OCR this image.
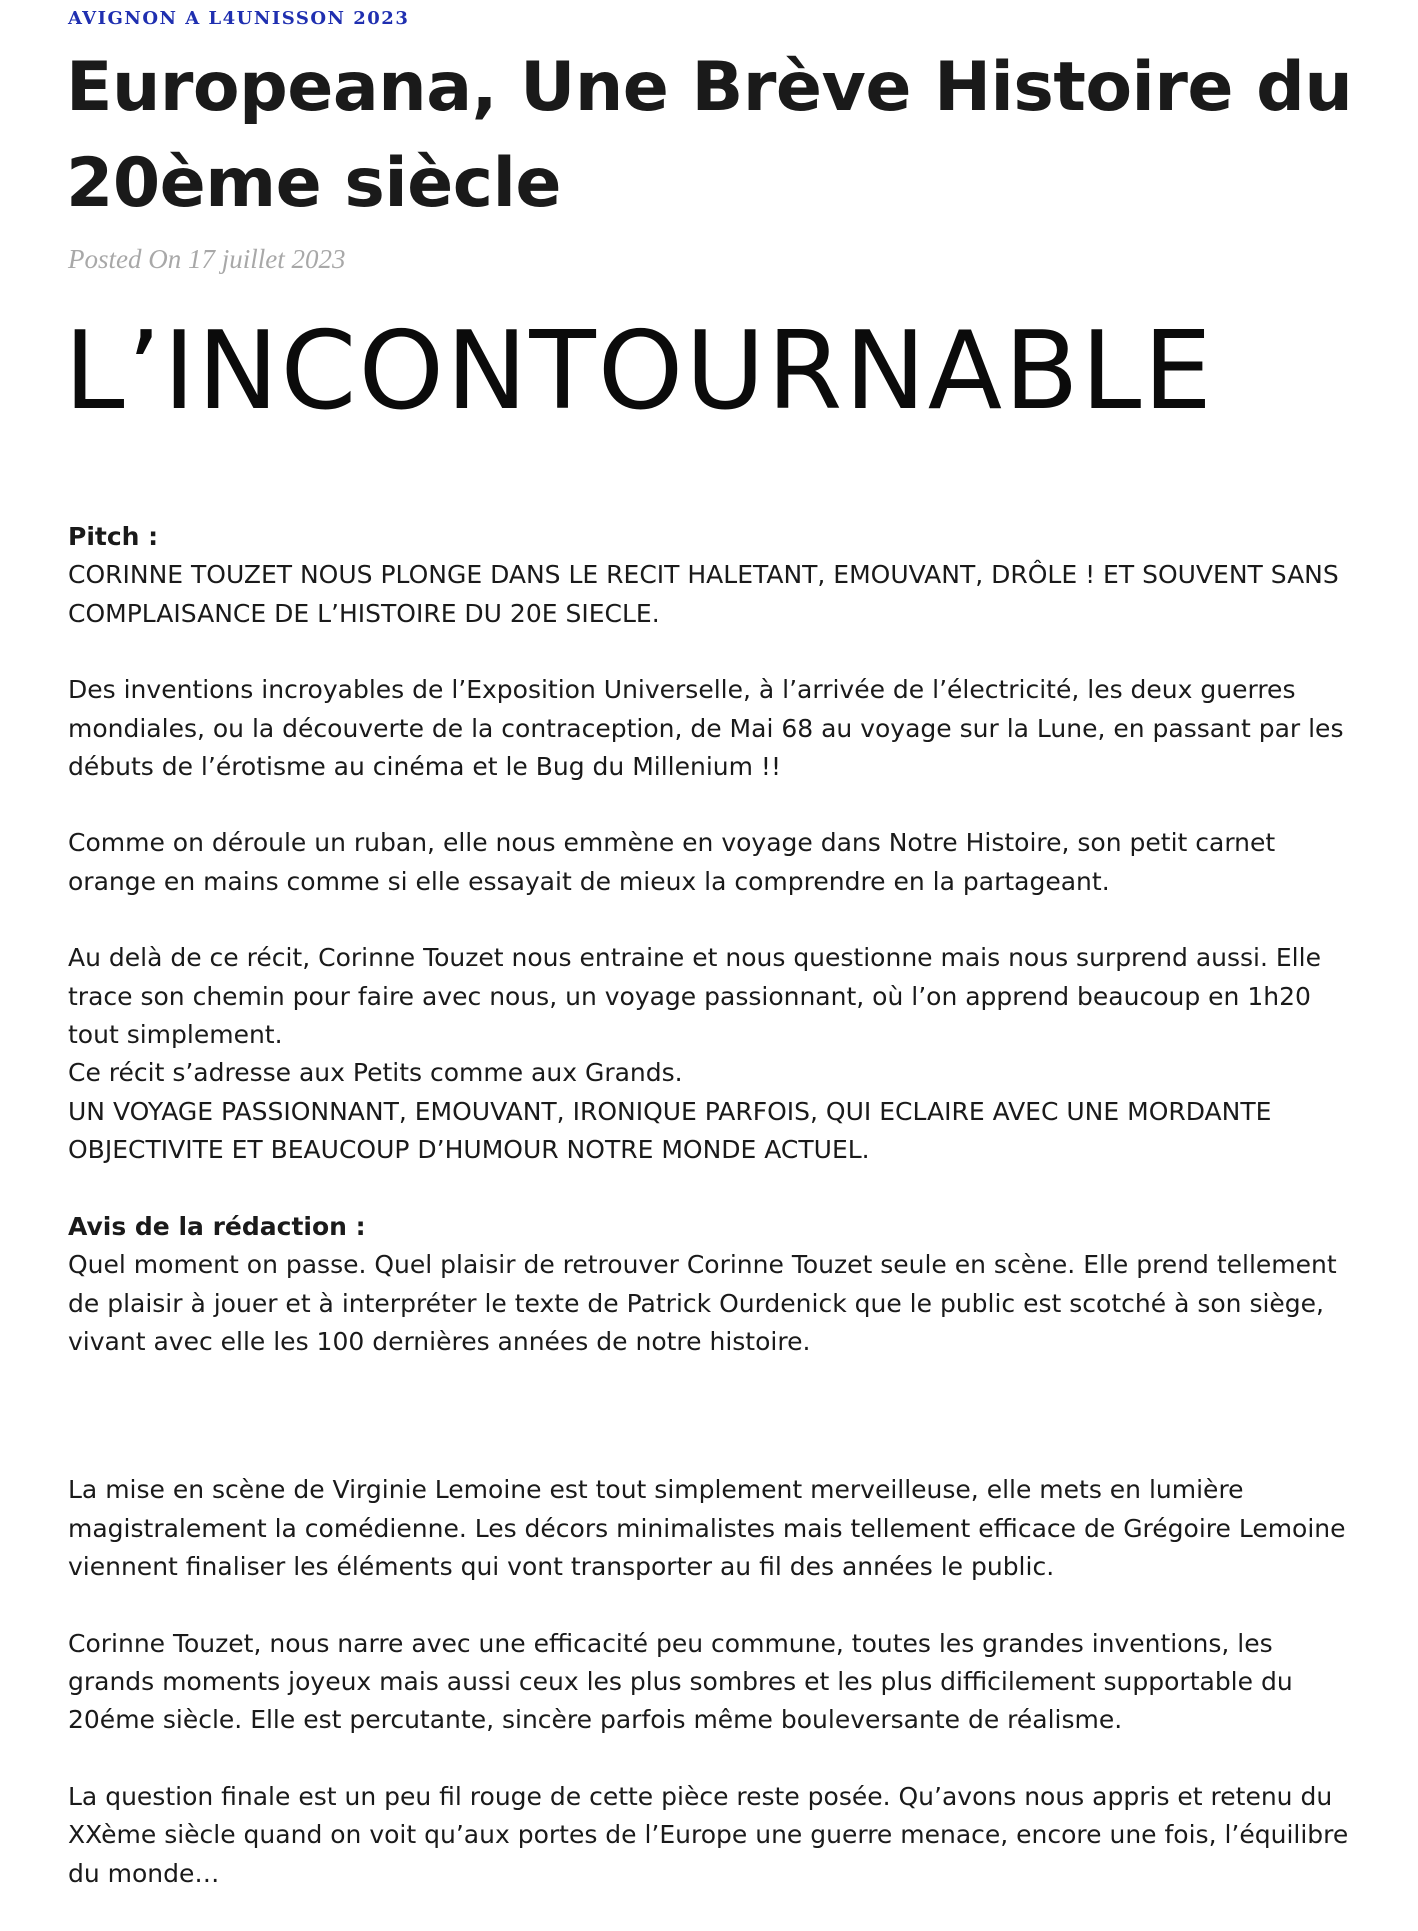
AVIGNON A L4UNISSON 2023
Europeana, Une Brève Histoire du 20ème siècle
Posted On 17 juillet 2023
L’INCONTOURNABLE

Pitch :
CORINNE TOUZET NOUS PLONGE DANS LE RECIT HALETANT, EMOUVANT, DRÔLE ! ET SOUVENT SANS COMPLAISANCE DE L’HISTOIRE DU 20E SIECLE.

Des inventions incroyables de l’Exposition Universelle, à l’arrivée de l’électricité, les deux guerres mondiales, ou la découverte de la contraception, de Mai 68 au voyage sur la Lune, en passant par les débuts de l’érotisme au cinéma et le Bug du Millenium !!

Comme on déroule un ruban, elle nous emmène en voyage dans Notre Histoire, son petit carnet orange en mains comme si elle essayait de mieux la comprendre en la partageant.

Au delà de ce récit, Corinne Touzet nous entraine et nous questionne mais nous surprend aussi. Elle trace son chemin pour faire avec nous, un voyage passionnant, où l’on apprend beaucoup en 1h20 tout simplement.
Ce récit s’adresse aux Petits comme aux Grands.
UN VOYAGE PASSIONNANT, EMOUVANT, IRONIQUE PARFOIS, QUI ECLAIRE AVEC UNE MORDANTE OBJECTIVITE ET BEAUCOUP D’HUMOUR NOTRE MONDE ACTUEL.

Avis de la rédaction :
Quel moment on passe. Quel plaisir de retrouver Corinne Touzet seule en scène. Elle prend tellement de plaisir à jouer et à interpréter le texte de Patrick Ourdenick que le public est scotché à son siège, vivant avec elle les 100 dernières années de notre histoire.

La mise en scène de Virginie Lemoine est tout simplement merveilleuse, elle mets en lumière magistralement la comédienne. Les décors minimalistes mais tellement efficace de Grégoire Lemoine viennent finaliser les éléments qui vont transporter au fil des années le public.

Corinne Touzet, nous narre avec une efficacité peu commune, toutes les grandes inventions, les grands moments joyeux mais aussi ceux les plus sombres et les plus difficilement supportable du 20éme siècle. Elle est percutante, sincère parfois même bouleversante de réalisme.

La question finale est un peu fil rouge de cette pièce reste posée. Qu’avons nous appris et retenu du XXème siècle quand on voit qu’aux portes de l’Europe une guerre menace, encore une fois, l’équilibre du monde…
